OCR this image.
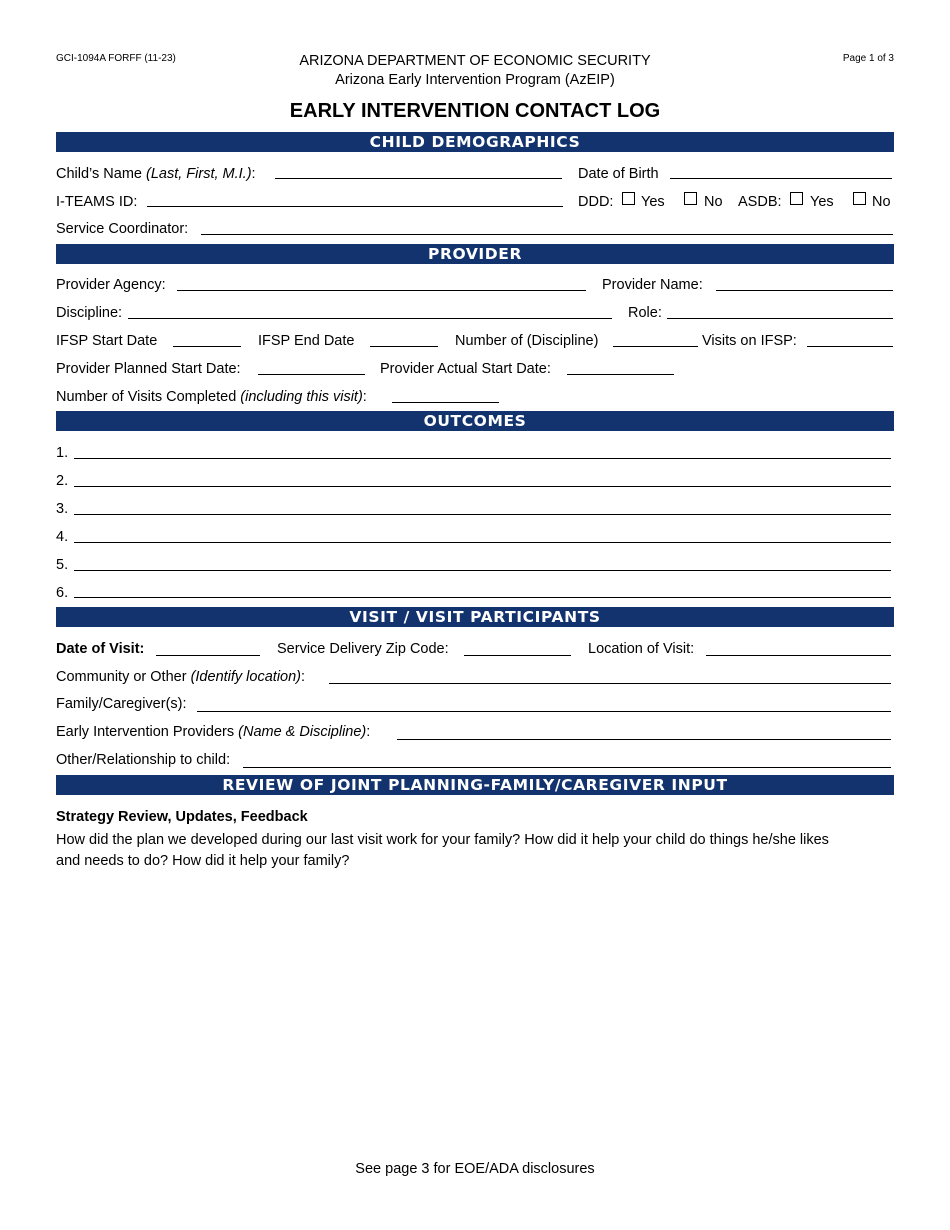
GCI-1094A FORFF (11-23)	Page 1 of 3
ARIZONA DEPARTMENT OF ECONOMIC SECURITY
Arizona Early Intervention Program (AzEIP)
EARLY INTERVENTION CONTACT LOG
CHILD DEMOGRAPHICS
Child’s Name (Last, First, M.I.):	Date of Birth
I-TEAMS ID:	DDD: Yes	No ASDB: Yes	No
Service Coordinator:
PROVIDER
Provider Agency:	Provider Name:
Discipline:	Role:
IFSP Start Date	IFSP End Date	Number of (Discipline)	Visits on IFSP:
Provider Planned Start Date:	Provider Actual Start Date:
Number of Visits Completed (including this visit):
OUTCOMES
1.
2.
3.
4.
5.
6.
VISIT / VISIT PARTICIPANTS
Date of Visit:	Service Delivery Zip Code:	Location of Visit:
Community or Other (Identify location):
Family/Caregiver(s):
Early Intervention Providers (Name & Discipline):
Other/Relationship to child:
REVIEW OF JOINT PLANNING-FAMILY/CAREGIVER INPUT
Strategy Review, Updates, Feedback
How did the plan we developed during our last visit work for your family? How did it help your child do things he/she likes
and needs to do? How did it help your family?
See page 3 for EOE/ADA disclosures
